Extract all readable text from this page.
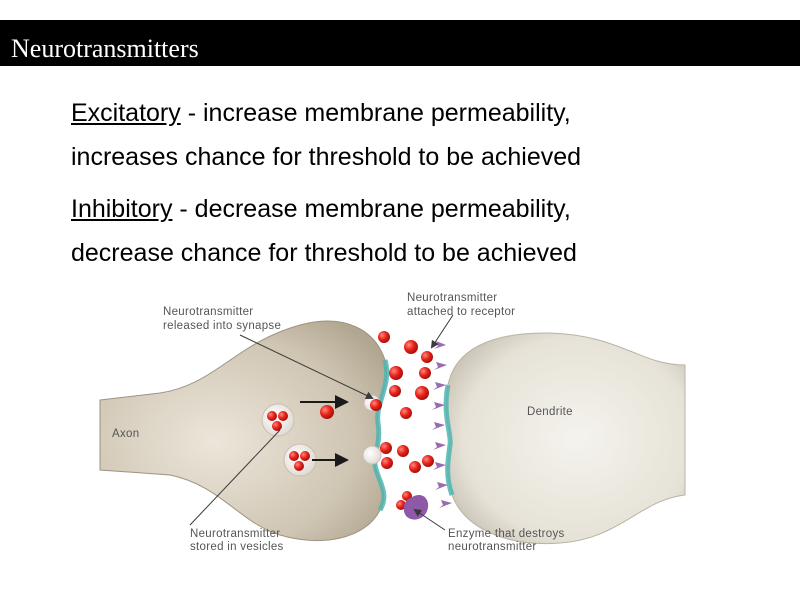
Neurotransmitters
Excitatory - increase membrane permeability,
increases chance for threshold to be achieved
Inhibitory - decrease membrane permeability,
decrease chance for threshold to be achieved
Neurotransmitter
released into synapse
Neurotransmitter
attached to receptor
Axon
Dendrite
Neurotransmitter
stored in vesicles
Enzyme that destroys
neurotransmitter
